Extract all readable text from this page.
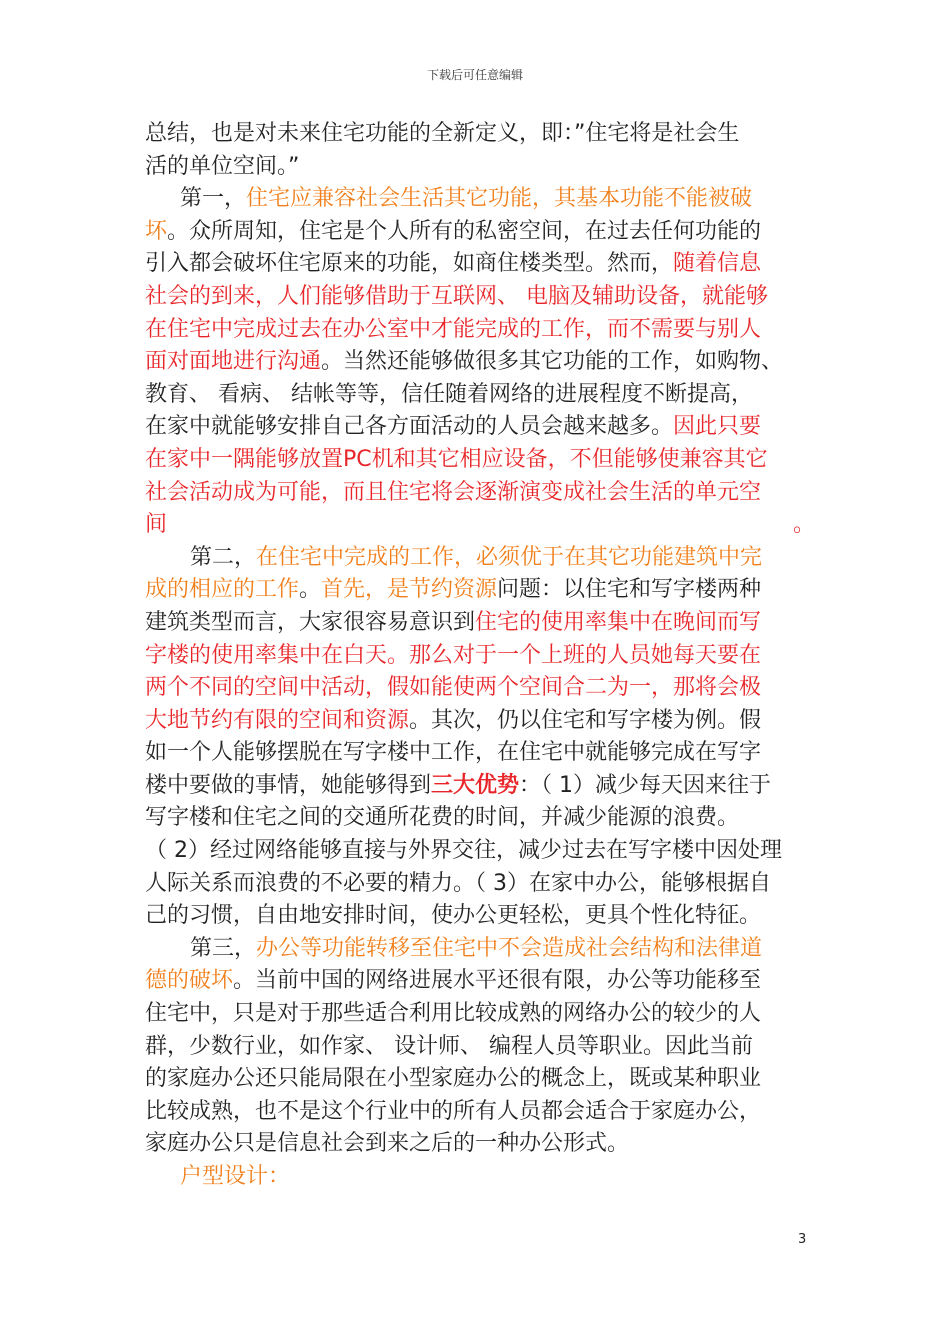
下载后可任意编辑
总结，也是对未来住宅功能的全新定义，即：”住宅将是社会生
活的单位空间。”
第一，住宅应兼容社会生活其它功能，其基本功能不能被破
坏。众所周知，住宅是个人所有的私密空间，在过去任何功能的
引入都会破坏住宅原来的功能，如商住楼类型。然而，随着信息
社会的到来，人们能够借助于互联网、 电脑及辅助设备，就能够
在住宅中完成过去在办公室中才能完成的工作，而不需要与别人
面对面地进行沟通。当然还能够做很多其它功能的工作，如购物、
教育、 看病、 结帐等等，信任随着网络的进展程度不断提高，
在家中就能够安排自己各方面活动的人员会越来越多。因此只要
在家中一隅能够放置PC机和其它相应设备，不但能够使兼容其它
社会活动成为可能，而且住宅将会逐渐演变成社会生活的单元空
间	。
第二，在住宅中完成的工作，必须优于在其它功能建筑中完
成的相应的工作。首先，是节约资源问题：以住宅和写字楼两种
建筑类型而言，大家很容易意识到住宅的使用率集中在晚间而写
字楼的使用率集中在白天。那么对于一个上班的人员她每天要在
两个不同的空间中活动，假如能使两个空间合二为一，那将会极
大地节约有限的空间和资源。其次，仍以住宅和写字楼为例。假
如一个人能够摆脱在写字楼中工作，在住宅中就能够完成在写字
楼中要做的事情，她能够得到三大优势：（ 1）减少每天因来往于
写字楼和住宅之间的交通所花费的时间，并减少能源的浪费。
（ 2）经过网络能够直接与外界交往，减少过去在写字楼中因处理
人际关系而浪费的不必要的精力。（ 3）在家中办公，能够根据自
己的习惯，自由地安排时间，使办公更轻松，更具个性化特征。
第三，办公等功能转移至住宅中不会造成社会结构和法律道
德的破坏。当前中国的网络进展水平还很有限，办公等功能移至
住宅中，只是对于那些适合利用比较成熟的网络办公的较少的人
群，少数行业，如作家、 设计师、 编程人员等职业。因此当前
的家庭办公还只能局限在小型家庭办公的概念上，既或某种职业
比较成熟，也不是这个行业中的所有人员都会适合于家庭办公，
家庭办公只是信息社会到来之后的一种办公形式。
户型设计：
3
